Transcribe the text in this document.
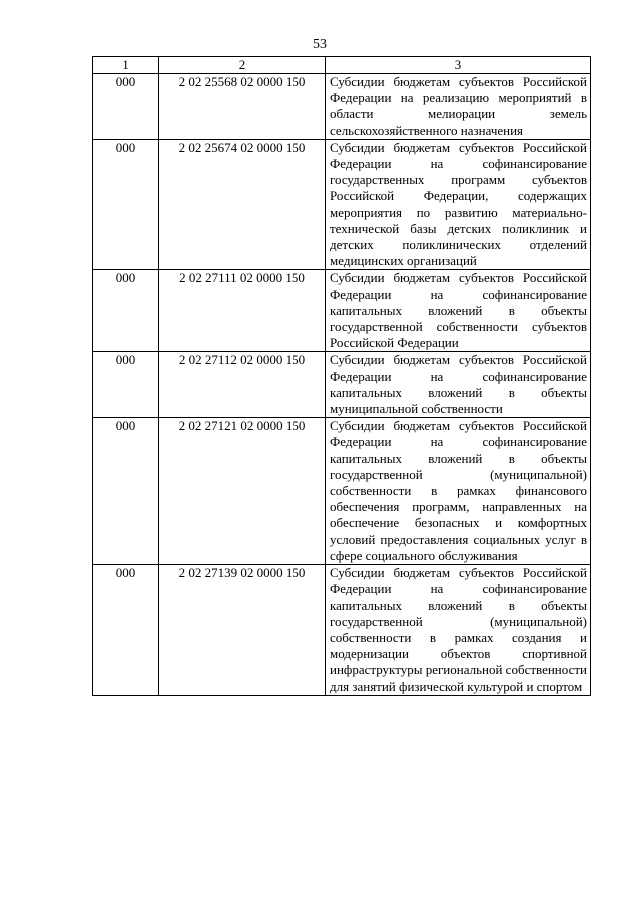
53
1	2	3
000	2 02 25568 02 0000 150	Субсидии бюджетам субъектов Российской Федерации на реализацию мероприятий в области мелиорации земель сельскохозяйственного назначения
000	2 02 25674 02 0000 150	Субсидии бюджетам субъектов Российской Федерации на софинансирование государственных программ субъектов Российской Федерации, содержащих мероприятия по развитию материально-технической базы детских поликлиник и детских поликлинических отделений медицинских организаций
000	2 02 27111 02 0000 150	Субсидии бюджетам субъектов Российской Федерации на софинансирование капитальных вложений в объекты государственной собственности субъектов Российской Федерации
000	2 02 27112 02 0000 150	Субсидии бюджетам субъектов Российской Федерации на софинансирование капитальных вложений в объекты муниципальной собственности
000	2 02 27121 02 0000 150	Субсидии бюджетам субъектов Российской Федерации на софинансирование капитальных вложений в объекты государственной (муниципальной) собственности в рамках финансового обеспечения программ, направленных на обеспечение безопасных и комфортных условий предоставления социальных услуг в сфере социального обслуживания
000	2 02 27139 02 0000 150	Субсидии бюджетам субъектов Российской Федерации на софинансирование капитальных вложений в объекты государственной (муниципальной) собственности в рамках создания и модернизации объектов спортивной инфраструктуры региональной собственности для занятий физической культурой и спортом
